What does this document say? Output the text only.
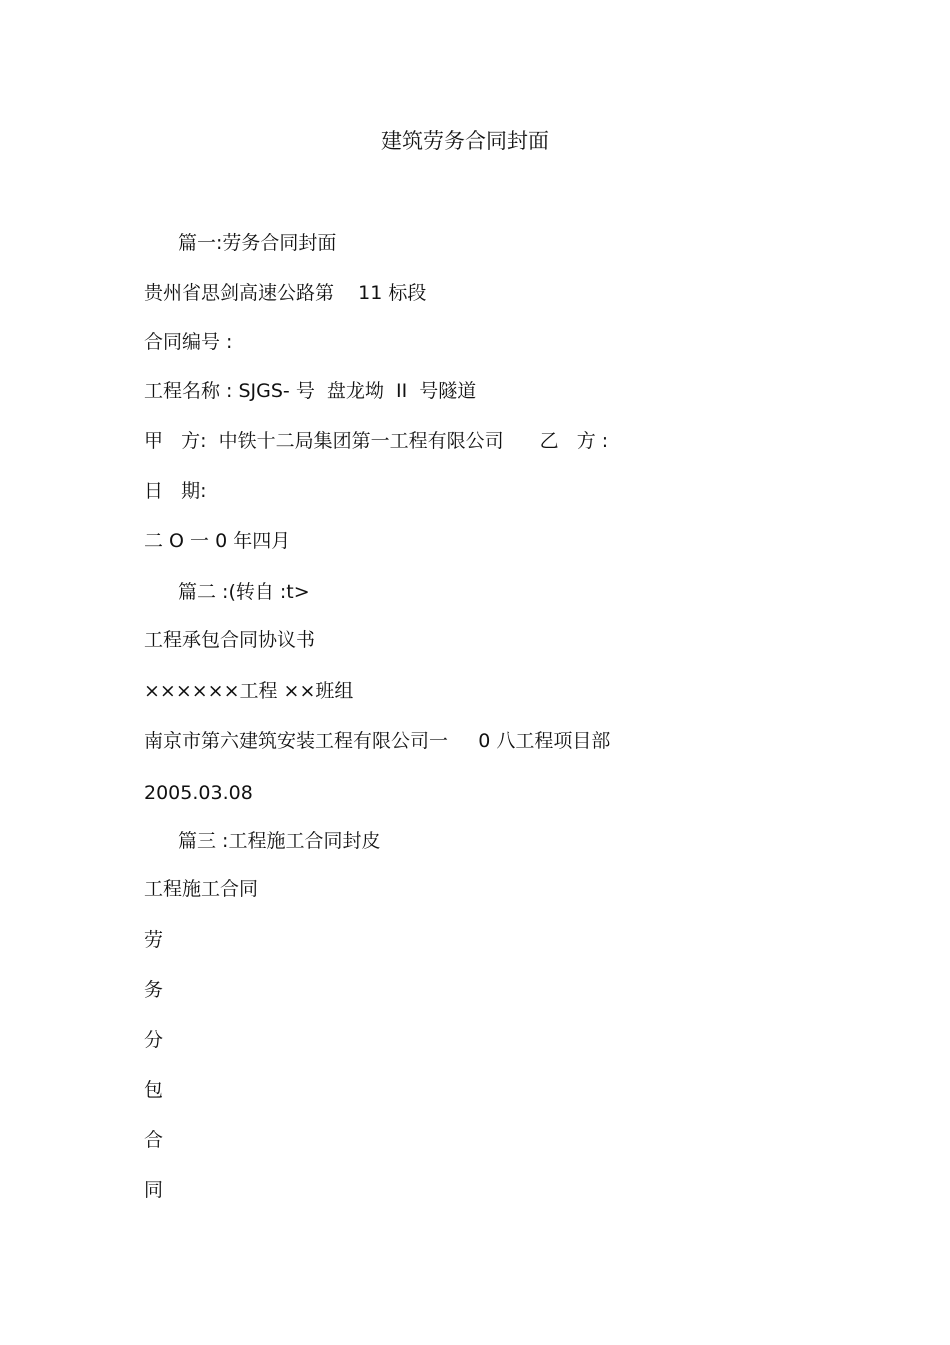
建筑劳务合同封面
篇一:劳务合同封面
贵州省思剑高速公路第    11 标段
合同编号 :
工程名称 : SJGS- 号  盘龙坳  II  号隧道
甲   方:  中铁十二局集团第一工程有限公司 乙   方 :
日   期:
二 O 一 0 年四月
篇二 :(转自 :t>
工程承包合同协议书
××××××工程 ××班组
南京市第六建筑安装工程有限公司一     0 八工程项目部
2005.03.08
篇三 :工程施工合同封皮
工程施工合同
劳
务
分
包
合
同
